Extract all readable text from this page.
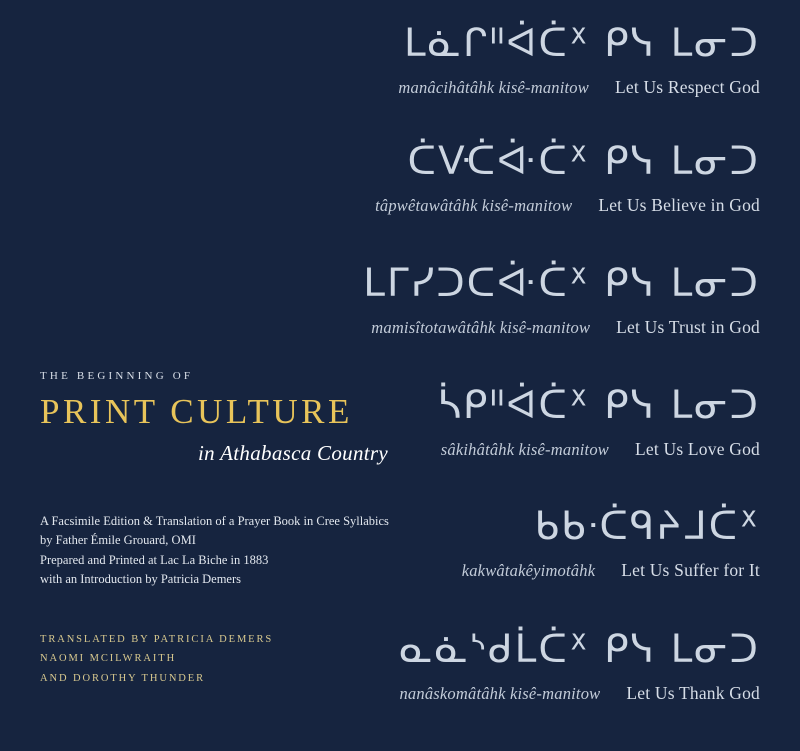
ᒪᓈᒋᐦᐋᑖᕽ ᑭᓭ ᒪᓂᑐ
manâcihâtâhk kisê-manitow Let Us Respect God
ᑖᐻᑖᐚᑖᕽ ᑭᓭ ᒪᓂᑐ
tâpwêtawâtâhk kisê-manitow Let Us Believe in God
ᒪᒥᓯᑐᑕᐚᑖᕽ ᑭᓭ ᒪᓂᑐ
mamisîtotawâtâhk kisê-manitow Let Us Trust in God
ᓵᑭᐦᐋᑖᕽ ᑭᓭ ᒪᓂᑐ
sâkihâtâhk kisê-manitow Let Us Love God
ᑲᑲᐧᑖᑫᔨᒧᑖᕽ
kakwâtakêyimotâhk Let Us Suffer for It
ᓇᓈᔅᑯᒫᑖᕽ ᑭᓭ ᒪᓂᑐ
nanâskomâtâhk kisê-manitow Let Us Thank God
THE BEGINNING OF
PRINT CULTURE
in Athabasca Country
A Facsimile Edition & Translation of a Prayer Book in Cree Syllabics
by Father Émile Grouard, OMI
Prepared and Printed at Lac La Biche in 1883
with an Introduction by Patricia Demers
TRANSLATED BY PATRICIA DEMERS
NAOMI MCILWRAITH
AND DOROTHY THUNDER
